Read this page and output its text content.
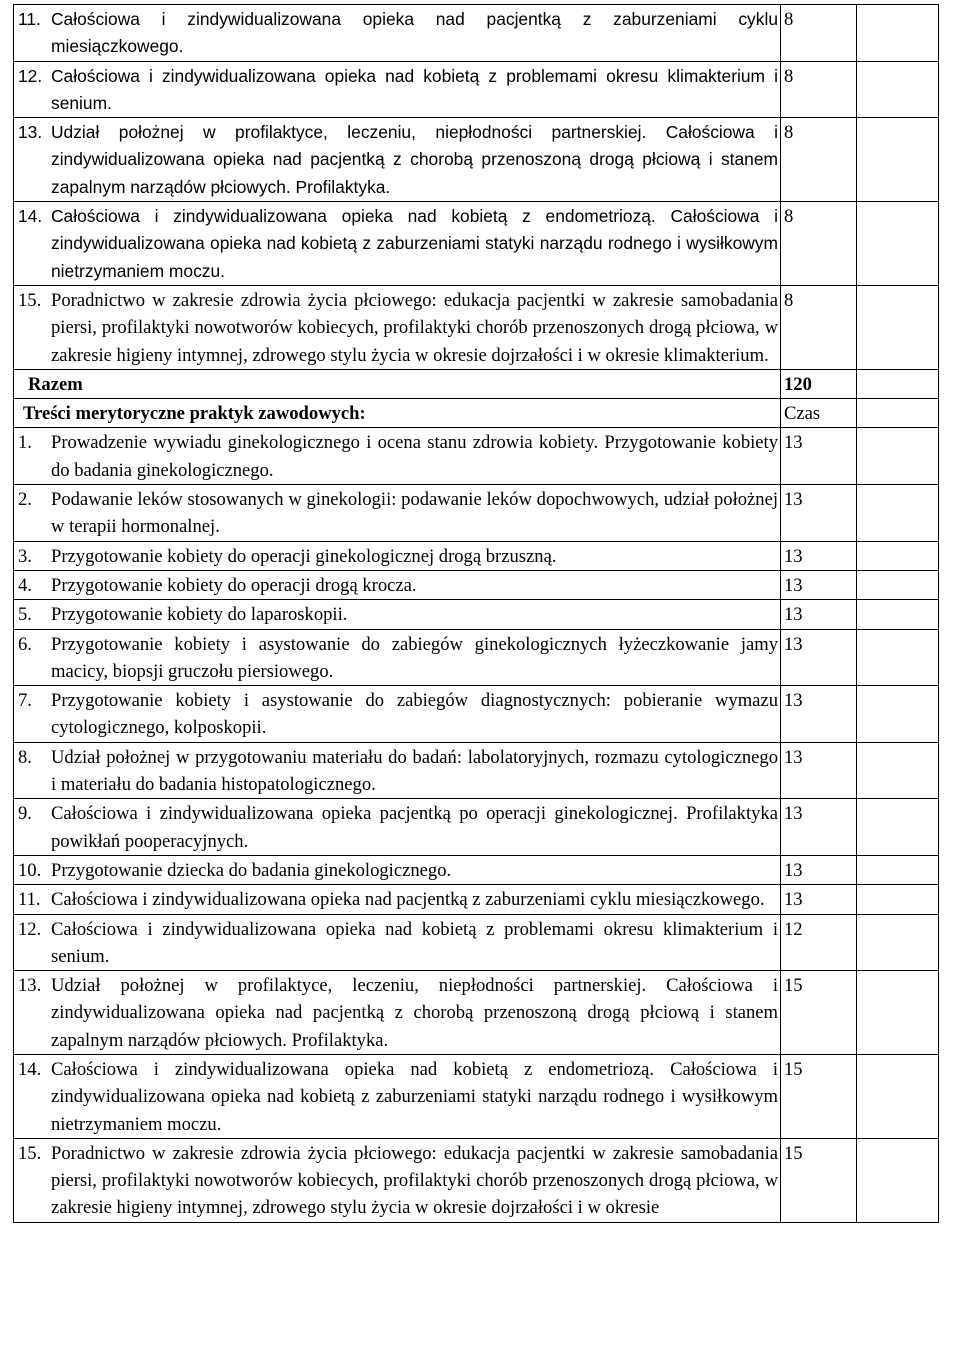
11. Całościowa i zindywidualizowana opieka nad pacjentką z zaburzeniami cyklu miesiączkowego.	8	

12. Całościowa i zindywidualizowana opieka nad kobietą z problemami okresu klimakterium i senium.	8	

13. Udział położnej w profilaktyce, leczeniu, niepłodności partnerskiej. Całościowa i zindywidualizowana opieka nad pacjentką z chorobą przenoszoną drogą płciową i stanem zapalnym narządów płciowych. Profilaktyka.	8	

14. Całościowa i zindywidualizowana opieka nad kobietą z endometriozą. Całościowa i zindywidualizowana opieka nad kobietą z zaburzeniami statyki narządu rodnego i wysiłkowym nietrzymaniem moczu.	8	

15. Poradnictwo w zakresie zdrowia życia płciowego: edukacja pacjentki w zakresie samobadania piersi, profilaktyki nowotworów kobiecych, profilaktyki chorób przenoszonych drogą płciowa, w zakresie higieny intymnej, zdrowego stylu życia w okresie dojrzałości i w okresie klimakterium.	8	

Razem	120	

Treści merytoryczne praktyk zawodowych:	Czas	

1. Prowadzenie wywiadu ginekologicznego i ocena stanu zdrowia kobiety. Przygotowanie kobiety do badania ginekologicznego.	13	

2. Podawanie leków stosowanych w ginekologii: podawanie leków dopochwowych, udział położnej w terapii hormonalnej.	13	

3. Przygotowanie kobiety do operacji ginekologicznej drogą brzuszną.	13	

4. Przygotowanie kobiety do operacji drogą krocza.	13	

5. Przygotowanie kobiety do laparoskopii.	13	

6. Przygotowanie kobiety i asystowanie do zabiegów ginekologicznych łyżeczkowanie jamy macicy, biopsji gruczołu piersiowego.	13	

7. Przygotowanie kobiety i asystowanie do zabiegów diagnostycznych: pobieranie wymazu cytologicznego, kolposkopii.	13	

8. Udział położnej w przygotowaniu materiału do badań: labolatoryjnych, rozmazu cytologicznego i materiału do badania histopatologicznego.	13	

9. Całościowa i zindywidualizowana opieka pacjentką po operacji ginekologicznej. Profilaktyka powikłań pooperacyjnych.	13	

10. Przygotowanie dziecka do badania ginekologicznego.	13	

11. Całościowa i zindywidualizowana opieka nad pacjentką z zaburzeniami cyklu miesiączkowego.	13	

12. Całościowa i zindywidualizowana opieka nad kobietą z problemami okresu klimakterium i senium.	12	

13. Udział położnej w profilaktyce, leczeniu, niepłodności partnerskiej. Całościowa i zindywidualizowana opieka nad pacjentką z chorobą przenoszoną drogą płciową i stanem zapalnym narządów płciowych. Profilaktyka.	15	

14. Całościowa i zindywidualizowana opieka nad kobietą z endometriozą. Całościowa i zindywidualizowana opieka nad kobietą z zaburzeniami statyki narządu rodnego i wysiłkowym nietrzymaniem moczu.	15	

15. Poradnictwo w zakresie zdrowia życia płciowego: edukacja pacjentki w zakresie samobadania piersi, profilaktyki nowotworów kobiecych, profilaktyki chorób przenoszonych drogą płciowa, w zakresie higieny intymnej, zdrowego stylu życia w okresie dojrzałości i w okresie	15	
